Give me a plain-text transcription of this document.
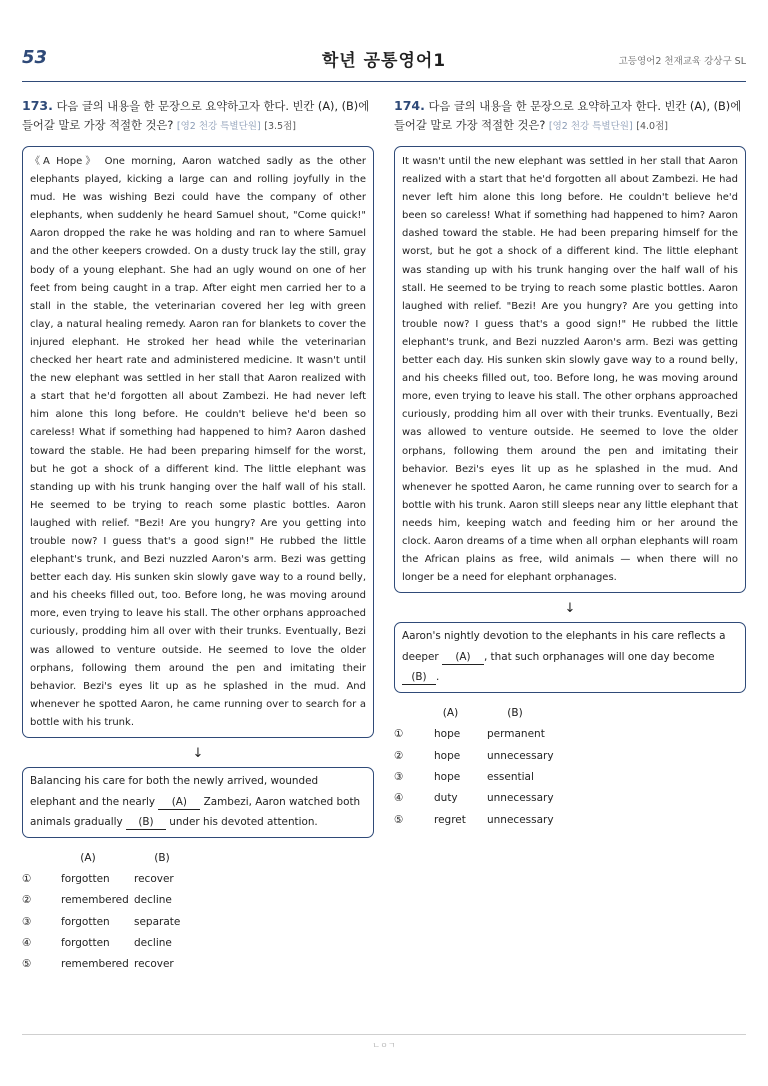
53	학년 공통영어1	고등영어2 천재교육 강상구 SL
173. 다음 글의 내용을 한 문장으로 요약하고자 한다. 빈칸 (A), (B)에 들어갈 말로 가장 적절한 것은? [영2 천강 특별단원] [3.5점]

《A Hope》 One morning, Aaron watched sadly as the other elephants played, kicking a large can and rolling joyfully in the mud. He was wishing Bezi could have the company of other elephants, when suddenly he heard Samuel shout, "Come quick!" Aaron dropped the rake he was holding and ran to where Samuel and the other keepers crowded. On a dusty truck lay the still, gray body of a young elephant. She had an ugly wound on one of her feet from being caught in a trap. After eight men carried her to a stall in the stable, the veterinarian covered her leg with green clay, a natural healing remedy. Aaron ran for blankets to cover the injured elephant. He stroked her head while the veterinarian checked her heart rate and administered medicine. It wasn't until the new elephant was settled in her stall that Aaron realized with a start that he'd forgotten all about Zambezi. He had never left him alone this long before. He couldn't believe he'd been so careless! What if something had happened to him? Aaron dashed toward the stable. He had been preparing himself for the worst, but he got a shock of a different kind. The little elephant was standing up with his trunk hanging over the half wall of his stall. He seemed to be trying to reach some plastic bottles. Aaron laughed with relief. "Bezi! Are you hungry? Are you getting into trouble now? I guess that's a good sign!" He rubbed the little elephant's trunk, and Bezi nuzzled Aaron's arm. Bezi was getting better each day. His sunken skin slowly gave way to a round belly, and his cheeks filled out, too. Before long, he was moving around more, even trying to leave his stall. The other orphans approached curiously, prodding him all over with their trunks. Eventually, Bezi was allowed to venture outside. He seemed to love the older orphans, following them around the pen and imitating their behavior. Bezi's eyes lit up as he splashed in the mud. And whenever he spotted Aaron, he came running over to search for a bottle with his trunk.

↓

Balancing his care for both the newly arrived, wounded elephant and the nearly (A) Zambezi, Aaron watched both animals gradually (B) under his devoted attention.

(A)	(B)
①	forgotten	recover
②	remembered decline
③	forgotten	separate
④	forgotten	decline
⑤	remembered recover
174. 다음 글의 내용을 한 문장으로 요약하고자 한다. 빈칸 (A), (B)에 들어갈 말로 가장 적절한 것은? [영2 천강 특별단원] [4.0점]

It wasn't until the new elephant was settled in her stall that Aaron realized with a start that he'd forgotten all about Zambezi. He had never left him alone this long before. He couldn't believe he'd been so careless! What if something had happened to him? Aaron dashed toward the stable. He had been preparing himself for the worst, but he got a shock of a different kind. The little elephant was standing up with his trunk hanging over the half wall of his stall. He seemed to be trying to reach some plastic bottles. Aaron laughed with relief. "Bezi! Are you hungry? Are you getting into trouble now? I guess that's a good sign!" He rubbed the little elephant's trunk, and Bezi nuzzled Aaron's arm. Bezi was getting better each day. His sunken skin slowly gave way to a round belly, and his cheeks filled out, too. Before long, he was moving around more, even trying to leave his stall. The other orphans approached curiously, prodding him all over with their trunks. Eventually, Bezi was allowed to venture outside. He seemed to love the older orphans, following them around the pen and imitating their behavior. Bezi's eyes lit up as he splashed in the mud. And whenever he spotted Aaron, he came running over to search for a bottle with his trunk. Aaron still sleeps near any little elephant that needs him, keeping watch and feeding him or her around the clock. Aaron dreams of a time when all orphan elephants will roam the African plains as free, wild animals — when there will no longer be a need for elephant orphanages.

↓

Aaron's nightly devotion to the elephants in his care reflects a deeper (A) , that such orphanages will one day become (B) .

(A)	(B)
①	hope	permanent
②	hope	unnecessary
③	hope	essential
④	duty	unnecessary
⑤	regret	unnecessary
ㄴㅇㄱ
